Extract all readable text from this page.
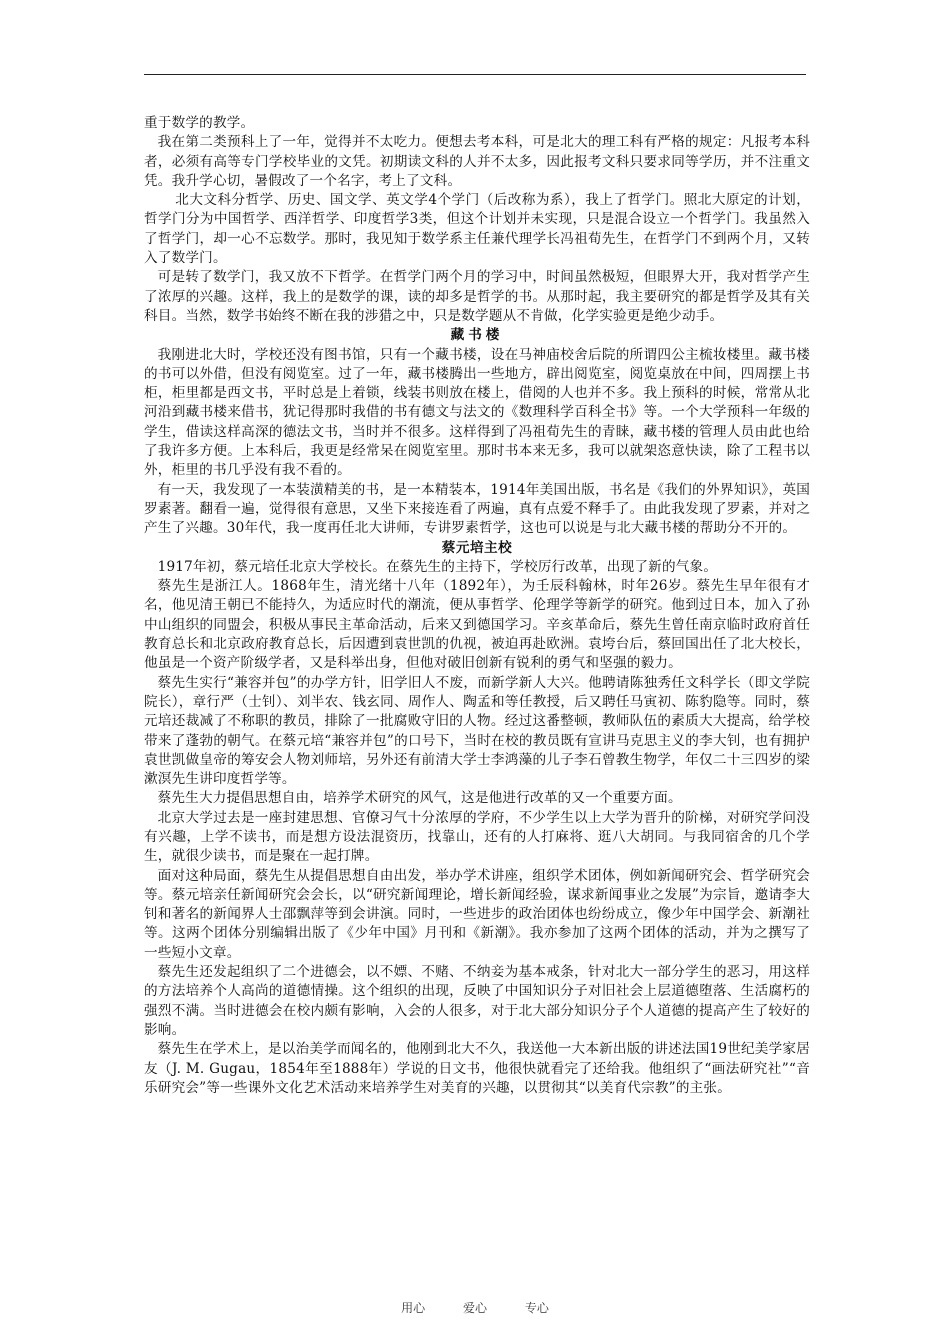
重于数学的教学。

我在第二类预科上了一年，觉得并不太吃力。便想去考本科，可是北大的理工科有严格的规定：凡报考本科者，必须有高等专门学校毕业的文凭。初期读文科的人并不太多，因此报考文科只要求同等学历，并不注重文凭。我升学心切，暑假改了一个名字，考上了文科。

北大文科分哲学、历史、国文学、英文学4个学门（后改称为系），我上了哲学门。照北大原定的计划，哲学门分为中国哲学、西洋哲学、印度哲学3类，但这个计划并未实现，只是混合设立一个哲学门。我虽然入了哲学门，却一心不忘数学。那时，我见知于数学系主任兼代理学长冯祖荀先生，在哲学门不到两个月，又转入了数学门。

可是转了数学门，我又放不下哲学。在哲学门两个月的学习中，时间虽然极短，但眼界大开，我对哲学产生了浓厚的兴趣。这样，我上的是数学的课，读的却多是哲学的书。从那时起，我主要研究的都是哲学及其有关科目。当然，数学书始终不断在我的涉猎之中，只是数学题从不肯做，化学实验更是绝少动手。

藏书楼

我刚进北大时，学校还没有图书馆，只有一个藏书楼，设在马神庙校舍后院的所谓四公主梳妆楼里。藏书楼的书可以外借，但没有阅览室。过了一年，藏书楼腾出一些地方，辟出阅览室，阅览桌放在中间，四周摆上书柜，柜里都是西文书，平时总是上着锁，线装书则放在楼上，借阅的人也并不多。我上预科的时候，常常从北河沿到藏书楼来借书，犹记得那时我借的书有德文与法文的《数理科学百科全书》等。一个大学预科一年级的学生，借读这样高深的德法文书，当时并不很多。这样得到了冯祖荀先生的青睐，藏书楼的管理人员由此也给了我许多方便。上本科后，我更是经常呆在阅览室里。那时书本来无多，我可以就架恣意快读，除了工程书以外，柜里的书几乎没有我不看的。

有一天，我发现了一本装潢精美的书，是一本精装本，1914年美国出版，书名是《我们的外界知识》，英国罗素著。翻看一遍，觉得很有意思，又坐下来接连看了两遍，真有点爱不释手了。由此我发现了罗素，并对之产生了兴趣。30年代，我一度再任北大讲师，专讲罗素哲学，这也可以说是与北大藏书楼的帮助分不开的。

蔡元培主校

1917年初，蔡元培任北京大学校长。在蔡先生的主持下，学校厉行改革，出现了新的气象。

蔡先生是浙江人。1868年生，清光绪十八年（1892年），为壬辰科翰林，时年26岁。蔡先生早年很有才名，他见清王朝已不能持久，为适应时代的潮流，便从事哲学、伦理学等新学的研究。他到过日本，加入了孙中山组织的同盟会，积极从事民主革命活动，后来又到德国学习。辛亥革命后，蔡先生曾任南京临时政府首任教育总长和北京政府教育总长，后因遭到袁世凯的仇视，被迫再赴欧洲。袁垮台后，蔡回国出任了北大校长，他虽是一个资产阶级学者，又是科举出身，但他对破旧创新有锐利的勇气和坚强的毅力。

蔡先生实行“兼容并包”的办学方针，旧学旧人不废，而新学新人大兴。他聘请陈独秀任文科学长（即文学院院长），章行严（士钊）、刘半农、钱玄同、周作人、陶孟和等任教授，后又聘任马寅初、陈豹隐等。同时，蔡元培还裁减了不称职的教员，排除了一批腐败守旧的人物。经过这番整顿，教师队伍的素质大大提高，给学校带来了蓬勃的朝气。在蔡元培“兼容并包”的口号下，当时在校的教员既有宣讲马克思主义的李大钊，也有拥护袁世凯做皇帝的筹安会人物刘师培，另外还有前清大学士李鸿藻的儿子李石曾教生物学，年仅二十三四岁的梁漱溟先生讲印度哲学等。

蔡先生大力提倡思想自由，培养学术研究的风气，这是他进行改革的又一个重要方面。

北京大学过去是一座封建思想、官僚习气十分浓厚的学府，不少学生以上大学为晋升的阶梯，对研究学问没有兴趣，上学不读书，而是想方设法混资历，找靠山，还有的人打麻将、逛八大胡同。与我同宿舍的几个学生，就很少读书，而是聚在一起打牌。

面对这种局面，蔡先生从提倡思想自由出发，举办学术讲座，组织学术团体，例如新闻研究会、哲学研究会等。蔡元培亲任新闻研究会会长，以“研究新闻理论，增长新闻经验，谋求新闻事业之发展”为宗旨，邀请李大钊和著名的新闻界人士邵飘萍等到会讲演。同时，一些进步的政治团体也纷纷成立，像少年中国学会、新潮社等。这两个团体分别编辑出版了《少年中国》月刊和《新潮》。我亦参加了这两个团体的活动，并为之撰写了一些短小文章。

蔡先生还发起组织了二个进德会，以不嫖、不赌、不纳妾为基本戒条，针对北大一部分学生的恶习，用这样的方法培养个人高尚的道德情操。这个组织的出现，反映了中国知识分子对旧社会上层道德堕落、生活腐朽的强烈不满。当时进德会在校内颇有影响，入会的人很多，对于北大部分知识分子个人道德的提高产生了较好的影响。

蔡先生在学术上，是以治美学而闻名的，他刚到北大不久，我送他一大本新出版的讲述法国19世纪美学家居友（J. M. Gugau，1854年至1888年）学说的日文书，他很快就看完了还给我。他组织了“画法研究社”“音乐研究会”等一些课外文化艺术活动来培养学生对美育的兴趣，以贯彻其“以美育代宗教”的主张。

用心	爱心	专心
